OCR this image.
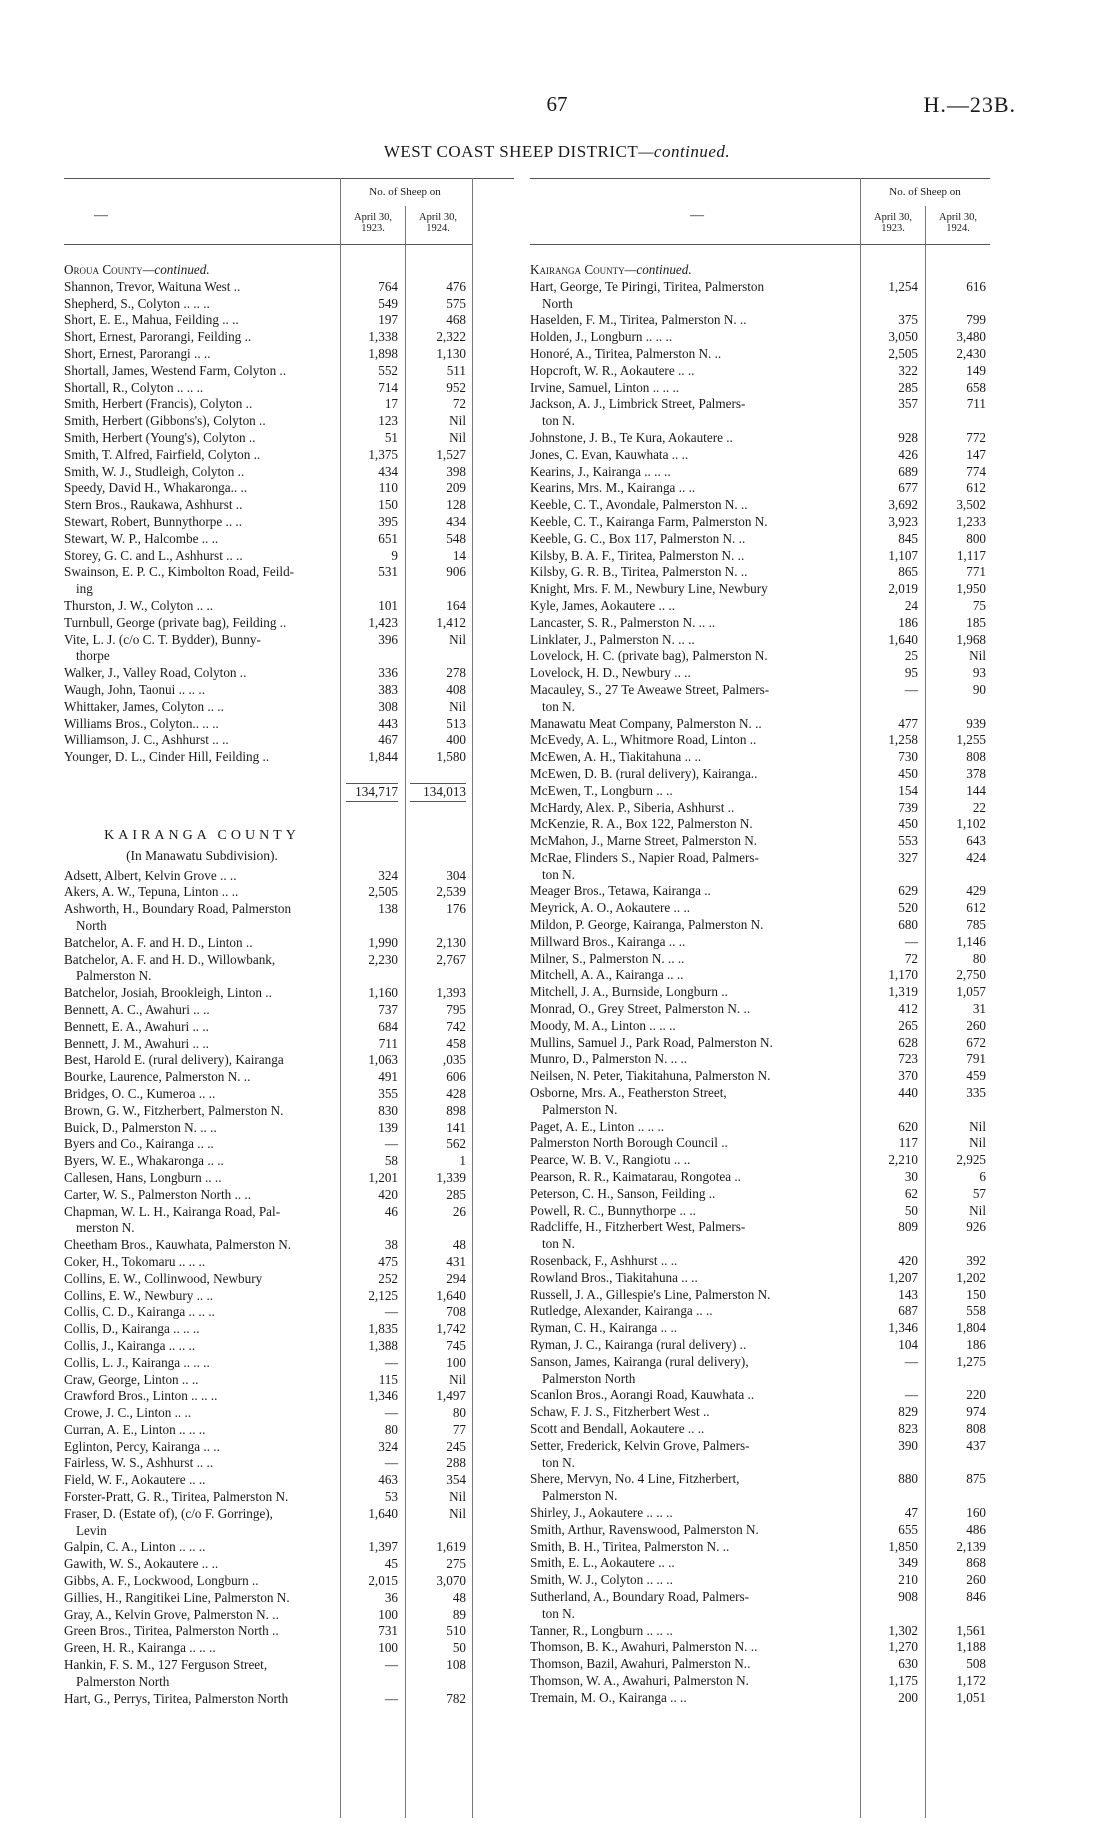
67	H.—23B.
WEST COAST SHEEP DISTRICT—continued.
—
No. of Sheep on
April 30, 1923.
April 30, 1924.
Oroua County—continued.
Shannon, Trevor, Waituna West ..	764	476
Shepherd, S., Colyton .. .. ..	549	575
Short, E. E., Mahua, Feilding .. ..	197	468
Short, Ernest, Parorangi, Feilding ..	1,338	2,322
Short, Ernest, Parorangi .. ..	1,898	1,130
Shortall, James, Westend Farm, Colyton ..	552	511
Shortall, R., Colyton .. .. ..	714	952
Smith, Herbert (Francis), Colyton ..	17	72
Smith, Herbert (Gibbons's), Colyton ..	123	Nil
Smith, Herbert (Young's), Colyton ..	51	Nil
Smith, T. Alfred, Fairfield, Colyton ..	1,375	1,527
Smith, W. J., Studleigh, Colyton ..	434	398
Speedy, David H., Whakaronga.. ..	110	209
Stern Bros., Raukawa, Ashhurst ..	150	128
Stewart, Robert, Bunnythorpe .. ..	395	434
Stewart, W. P., Halcombe .. ..	651	548
Storey, G. C. and L., Ashhurst .. ..	9	14
Swainson, E. P. C., Kimbolton Road, Feild-	531	906
ing
Thurston, J. W., Colyton .. ..	101	164
Turnbull, George (private bag), Feilding ..	1,423	1,412
Vite, L. J. (c/o C. T. Bydder), Bunny-	396	Nil
thorpe
Walker, J., Valley Road, Colyton ..	336	278
Waugh, John, Taonui .. .. ..	383	408
Whittaker, James, Colyton .. ..	308	Nil
Williams Bros., Colyton.. .. ..	443	513
Williamson, J. C., Ashhurst .. ..	467	400
Younger, D. L., Cinder Hill, Feilding ..	1,844	1,580
134,717	134,013
KAIRANGA COUNTY
(In Manawatu Subdivision).
Adsett, Albert, Kelvin Grove .. ..	324	304
Akers, A. W., Tepuna, Linton .. ..	2,505	2,539
Ashworth, H., Boundary Road, Palmerston	138	176
North
Batchelor, A. F. and H. D., Linton ..	1,990	2,130
Batchelor, A. F. and H. D., Willowbank,	2,230	2,767
Palmerston N.
Batchelor, Josiah, Brookleigh, Linton ..	1,160	1,393
Bennett, A. C., Awahuri .. ..	737	795
Bennett, E. A., Awahuri .. ..	684	742
Bennett, J. M., Awahuri .. ..	711	458
Best, Harold E. (rural delivery), Kairanga	1,063	,035
Bourke, Laurence, Palmerston N. ..	491	606
Bridges, O. C., Kumeroa .. ..	355	428
Brown, G. W., Fitzherbert, Palmerston N.	830	898
Buick, D., Palmerston N. .. ..	139	141
Byers and Co., Kairanga .. ..	—	562
Byers, W. E., Whakaronga .. ..	58	1
Callesen, Hans, Longburn .. ..	1,201	1,339
Carter, W. S., Palmerston North .. ..	420	285
Chapman, W. L. H., Kairanga Road, Pal-	46	26
merston N.
Cheetham Bros., Kauwhata, Palmerston N.	38	48
Coker, H., Tokomaru .. .. ..	475	431
Collins, E. W., Collinwood, Newbury	252	294
Collins, E. W., Newbury .. ..	2,125	1,640
Collis, C. D., Kairanga .. .. ..	—	708
Collis, D., Kairanga .. .. ..	1,835	1,742
Collis, J., Kairanga .. .. ..	1,388	745
Collis, L. J., Kairanga .. .. ..	—	100
Craw, George, Linton .. ..	115	Nil
Crawford Bros., Linton .. .. ..	1,346	1,497
Crowe, J. C., Linton .. ..	—	80
Curran, A. E., Linton .. .. ..	80	77
Eglinton, Percy, Kairanga .. ..	324	245
Fairless, W. S., Ashhurst .. ..	—	288
Field, W. F., Aokautere .. ..	463	354
Forster-Pratt, G. R., Tiritea, Palmerston N.	53	Nil
Fraser, D. (Estate of), (c/o F. Gorringe),	1,640	Nil
Levin
Galpin, C. A., Linton .. .. ..	1,397	1,619
Gawith, W. S., Aokautere .. ..	45	275
Gibbs, A. F., Lockwood, Longburn ..	2,015	3,070
Gillies, H., Rangitikei Line, Palmerston N.	36	48
Gray, A., Kelvin Grove, Palmerston N. ..	100	89
Green Bros., Tiritea, Palmerston North ..	731	510
Green, H. R., Kairanga .. .. ..	100	50
Hankin, F. S. M., 127 Ferguson Street,	—	108
Palmerston North
Hart, G., Perrys, Tiritea, Palmerston North	—	782
—
No. of Sheep on
April 30, 1923.
April 30, 1924.
Kairanga County—continued.
Hart, George, Te Piringi, Tiritea, Palmerston	1,254	616
North
Haselden, F. M., Tiritea, Palmerston N. ..	375	799
Holden, J., Longburn .. .. ..	3,050	3,480
Honoré, A., Tiritea, Palmerston N. ..	2,505	2,430
Hopcroft, W. R., Aokautere .. ..	322	149
Irvine, Samuel, Linton .. .. ..	285	658
Jackson, A. J., Limbrick Street, Palmers-	357	711
ton N.
Johnstone, J. B., Te Kura, Aokautere ..	928	772
Jones, C. Evan, Kauwhata .. ..	426	147
Kearins, J., Kairanga .. .. ..	689	774
Kearins, Mrs. M., Kairanga .. ..	677	612
Keeble, C. T., Avondale, Palmerston N. ..	3,692	3,502
Keeble, C. T., Kairanga Farm, Palmerston N.	3,923	1,233
Keeble, G. C., Box 117, Palmerston N. ..	845	800
Kilsby, B. A. F., Tiritea, Palmerston N. ..	1,107	1,117
Kilsby, G. R. B., Tiritea, Palmerston N. ..	865	771
Knight, Mrs. F. M., Newbury Line, Newbury	2,019	1,950
Kyle, James, Aokautere .. ..	24	75
Lancaster, S. R., Palmerston N. .. ..	186	185
Linklater, J., Palmerston N. .. ..	1,640	1,968
Lovelock, H. C. (private bag), Palmerston N.	25	Nil
Lovelock, H. D., Newbury .. ..	95	93
Macauley, S., 27 Te Aweawe Street, Palmers-	—	90
ton N.
Manawatu Meat Company, Palmerston N. ..	477	939
McEvedy, A. L., Whitmore Road, Linton ..	1,258	1,255
McEwen, A. H., Tiakitahuna .. ..	730	808
McEwen, D. B. (rural delivery), Kairanga..	450	378
McEwen, T., Longburn .. ..	154	144
McHardy, Alex. P., Siberia, Ashhurst ..	739	22
McKenzie, R. A., Box 122, Palmerston N.	450	1,102
McMahon, J., Marne Street, Palmerston N.	553	643
McRae, Flinders S., Napier Road, Palmers-	327	424
ton N.
Meager Bros., Tetawa, Kairanga ..	629	429
Meyrick, A. O., Aokautere .. ..	520	612
Mildon, P. George, Kairanga, Palmerston N.	680	785
Millward Bros., Kairanga .. ..	—	1,146
Milner, S., Palmerston N. .. ..	72	80
Mitchell, A. A., Kairanga .. ..	1,170	2,750
Mitchell, J. A., Burnside, Longburn ..	1,319	1,057
Monrad, O., Grey Street, Palmerston N. ..	412	31
Moody, M. A., Linton .. .. ..	265	260
Mullins, Samuel J., Park Road, Palmerston N.	628	672
Munro, D., Palmerston N. .. ..	723	791
Neilsen, N. Peter, Tiakitahuna, Palmerston N.	370	459
Osborne, Mrs. A., Featherston Street,	440	335
Palmerston N.
Paget, A. E., Linton .. .. ..	620	Nil
Palmerston North Borough Council ..	117	Nil
Pearce, W. B. V., Rangiotu .. ..	2,210	2,925
Pearson, R. R., Kaimatarau, Rongotea ..	30	6
Peterson, C. H., Sanson, Feilding ..	62	57
Powell, R. C., Bunnythorpe .. ..	50	Nil
Radcliffe, H., Fitzherbert West, Palmers-	809	926
ton N.
Rosenback, F., Ashhurst .. ..	420	392
Rowland Bros., Tiakitahuna .. ..	1,207	1,202
Russell, J. A., Gillespie's Line, Palmerston N.	143	150
Rutledge, Alexander, Kairanga .. ..	687	558
Ryman, C. H., Kairanga .. ..	1,346	1,804
Ryman, J. C., Kairanga (rural delivery) ..	104	186
Sanson, James, Kairanga (rural delivery),	—	1,275
Palmerston North
Scanlon Bros., Aorangi Road, Kauwhata ..	—	220
Schaw, F. J. S., Fitzherbert West ..	829	974
Scott and Bendall, Aokautere .. ..	823	808
Setter, Frederick, Kelvin Grove, Palmers-	390	437
ton N.
Shere, Mervyn, No. 4 Line, Fitzherbert,	880	875
Palmerston N.
Shirley, J., Aokautere .. .. ..	47	160
Smith, Arthur, Ravenswood, Palmerston N.	655	486
Smith, B. H., Tiritea, Palmerston N. ..	1,850	2,139
Smith, E. L., Aokautere .. ..	349	868
Smith, W. J., Colyton .. .. ..	210	260
Sutherland, A., Boundary Road, Palmers-	908	846
ton N.
Tanner, R., Longburn .. .. ..	1,302	1,561
Thomson, B. K., Awahuri, Palmerston N. ..	1,270	1,188
Thomson, Bazil, Awahuri, Palmerston N..	630	508
Thomson, W. A., Awahuri, Palmerston N.	1,175	1,172
Tremain, M. O., Kairanga .. ..	200	1,051
